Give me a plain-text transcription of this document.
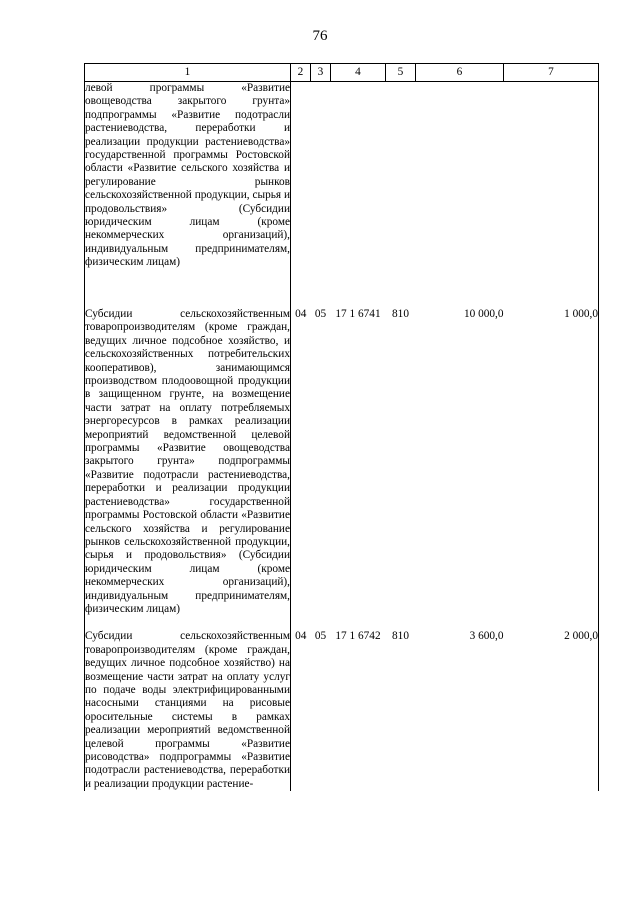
76
1	2	3	4	5	6	7
левой программы «Развитие овощеводства закрытого грунта» подпрограммы «Развитие подотрасли растениеводства, переработки и реализации продукции растениеводства» государственной программы Ростовской области «Развитие сельского хозяйства и регулирование рынков сельскохозяйственной продукции, сырья и продовольствия» (Субсидии юридическим лицам (кроме некоммерческих организаций), индивидуальным предпринимателям, физическим лицам)						

Субсидии сельскохозяйственным товаропроизводителям (кроме граждан, ведущих личное подсобное хозяйство, и сельскохозяйственных потребительских кооперативов), занимающимся производством плодоовощной продукции в защищенном грунте, на возмещение части затрат на оплату потребляемых энергоресурсов в рамках реализации мероприятий ведомственной целевой программы «Развитие овощеводства закрытого грунта» подпрограммы «Развитие подотрасли растениеводства, переработки и реализации продукции растениеводства» государственной программы Ростовской области «Развитие сельского хозяйства и регулирование рынков сельскохозяйственной продукции, сырья и продовольствия» (Субсидии юридическим лицам (кроме некоммерческих организаций), индивидуальным предпринимателям, физическим лицам)	04	05	17 1 6741	810	10 000,0	1 000,0

Субсидии сельскохозяйственным товаропроизводителям (кроме граждан, ведущих личное подсобное хозяйство) на возмещение части затрат на оплату услуг по подаче воды электрифицированными насосными станциями на рисовые оросительные системы в рамках реализации мероприятий ведомственной целевой программы «Развитие рисоводства» подпрограммы «Развитие подотрасли растениеводства, переработки и реализации продукции растение-	04	05	17 1 6742	810	3 600,0	2 000,0
